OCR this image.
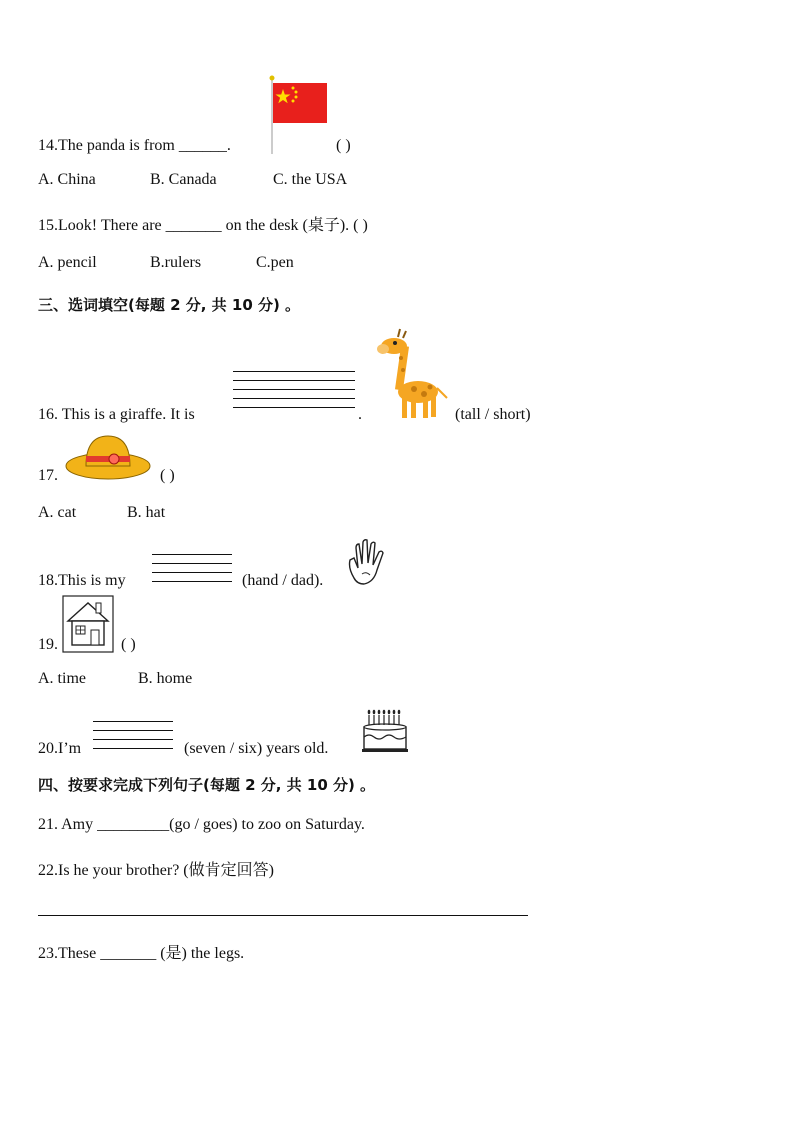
14.The panda is from ______.	( )
A. China	B. Canada	C. the USA
15.Look! There are _______ on the desk (桌子). ( )
A. pencil	B.rulers	C.pen
三、选词填空(每题 2 分, 共 10 分) 。
16. This is a giraffe. It is	.	(tall / short)
17.	( )
A. cat	B. hat
18.This is my	(hand / dad).
19.	( )
A. time	B. home
20.I’m	(seven / six) years old.
四、按要求完成下列句子(每题 2 分, 共 10 分) 。
21. Amy _________(go / goes) to zoo on Saturday.
22.Is he your brother? (做肯定回答)
23.These _______ (是) the legs.
